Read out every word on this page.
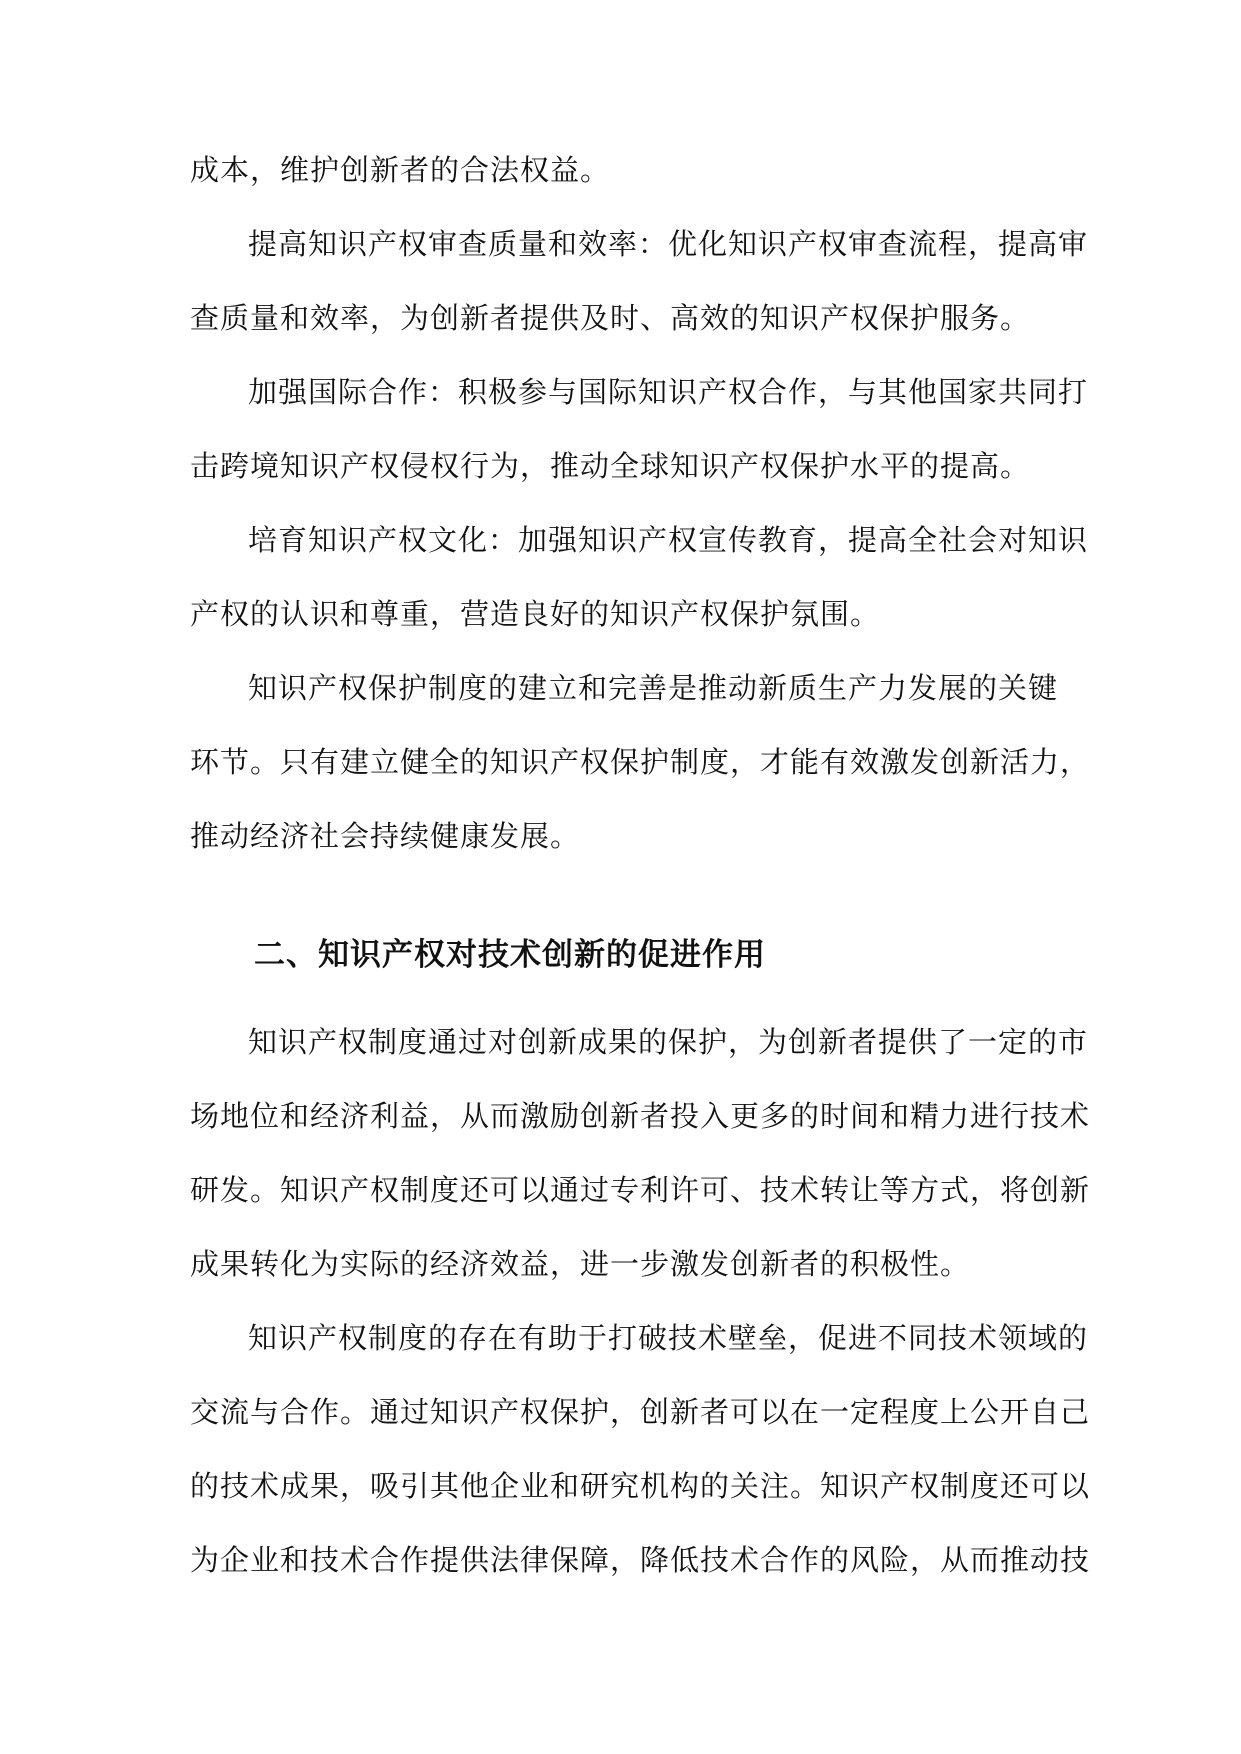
成本，维护创新者的合法权益。
提高知识产权审查质量和效率：优化知识产权审查流程，提高审
查质量和效率，为创新者提供及时、高效的知识产权保护服务。
加强国际合作：积极参与国际知识产权合作，与其他国家共同打
击跨境知识产权侵权行为，推动全球知识产权保护水平的提高。
培育知识产权文化：加强知识产权宣传教育，提高全社会对知识
产权的认识和尊重，营造良好的知识产权保护氛围。
知识产权保护制度的建立和完善是推动新质生产力发展的关键
环节。只有建立健全的知识产权保护制度，才能有效激发创新活力，
推动经济社会持续健康发展。
二、知识产权对技术创新的促进作用
知识产权制度通过对创新成果的保护，为创新者提供了一定的市
场地位和经济利益，从而激励创新者投入更多的时间和精力进行技术
研发。知识产权制度还可以通过专利许可、技术转让等方式，将创新
成果转化为实际的经济效益，进一步激发创新者的积极性。
知识产权制度的存在有助于打破技术壁垒，促进不同技术领域的
交流与合作。通过知识产权保护，创新者可以在一定程度上公开自己
的技术成果，吸引其他企业和研究机构的关注。知识产权制度还可以
为企业和技术合作提供法律保障，降低技术合作的风险，从而推动技
